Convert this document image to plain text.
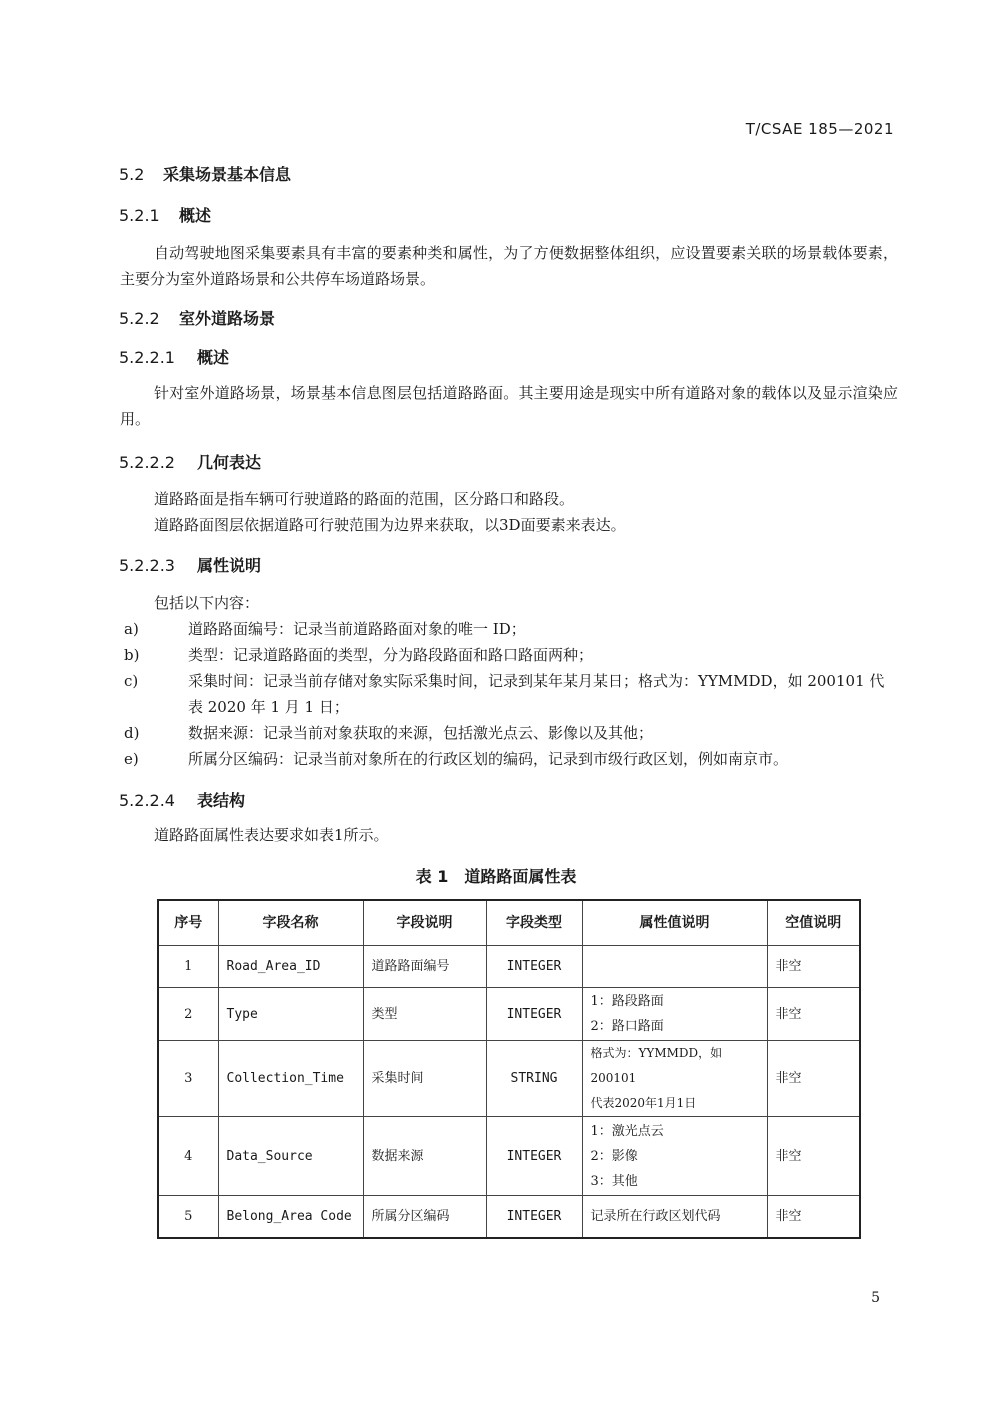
T/CSAE 185—2021
5.2 采集场景基本信息
5.2.1 概述
自动驾驶地图采集要素具有丰富的要素种类和属性，为了方便数据整体组织，应设置要素关联的场景载体要素，主要分为室外道路场景和公共停车场道路场景。
5.2.2 室外道路场景
5.2.2.1 概述
针对室外道路场景，场景基本信息图层包括道路路面。其主要用途是现实中所有道路对象的载体以及显示渲染应用。
5.2.2.2 几何表达
道路路面是指车辆可行驶道路的路面的范围，区分路口和路段。
道路路面图层依据道路可行驶范围为边界来获取，以3D面要素来表达。
5.2.2.3 属性说明
包括以下内容：
a)	道路路面编号：记录当前道路路面对象的唯一 ID；
b)	类型：记录道路路面的类型，分为路段路面和路口路面两种；
c)	采集时间：记录当前存储对象实际采集时间，记录到某年某月某日；格式为：YYMMDD，如 200101 代表 2020 年 1 月 1 日；
d)	数据来源：记录当前对象获取的来源，包括激光点云、影像以及其他；
e)	所属分区编码：记录当前对象所在的行政区划的编码，记录到市级行政区划，例如南京市。
5.2.2.4 表结构
道路路面属性表达要求如表1所示。
表 1　道路路面属性表
序号	字段名称	字段说明	字段类型	属性值说明	空值说明
1	Road_Area_ID	道路路面编号	INTEGER		非空
2	Type	类型	INTEGER	1：路段路面
2：路口路面	非空
3	Collection_Time	采集时间	STRING	格式为：YYMMDD，如200101
代表2020年1月1日	非空
4	Data_Source	数据来源	INTEGER	1：激光点云
2：影像
3：其他	非空
5	Belong_Area Code	所属分区编码	INTEGER	记录所在行政区划代码	非空
5
